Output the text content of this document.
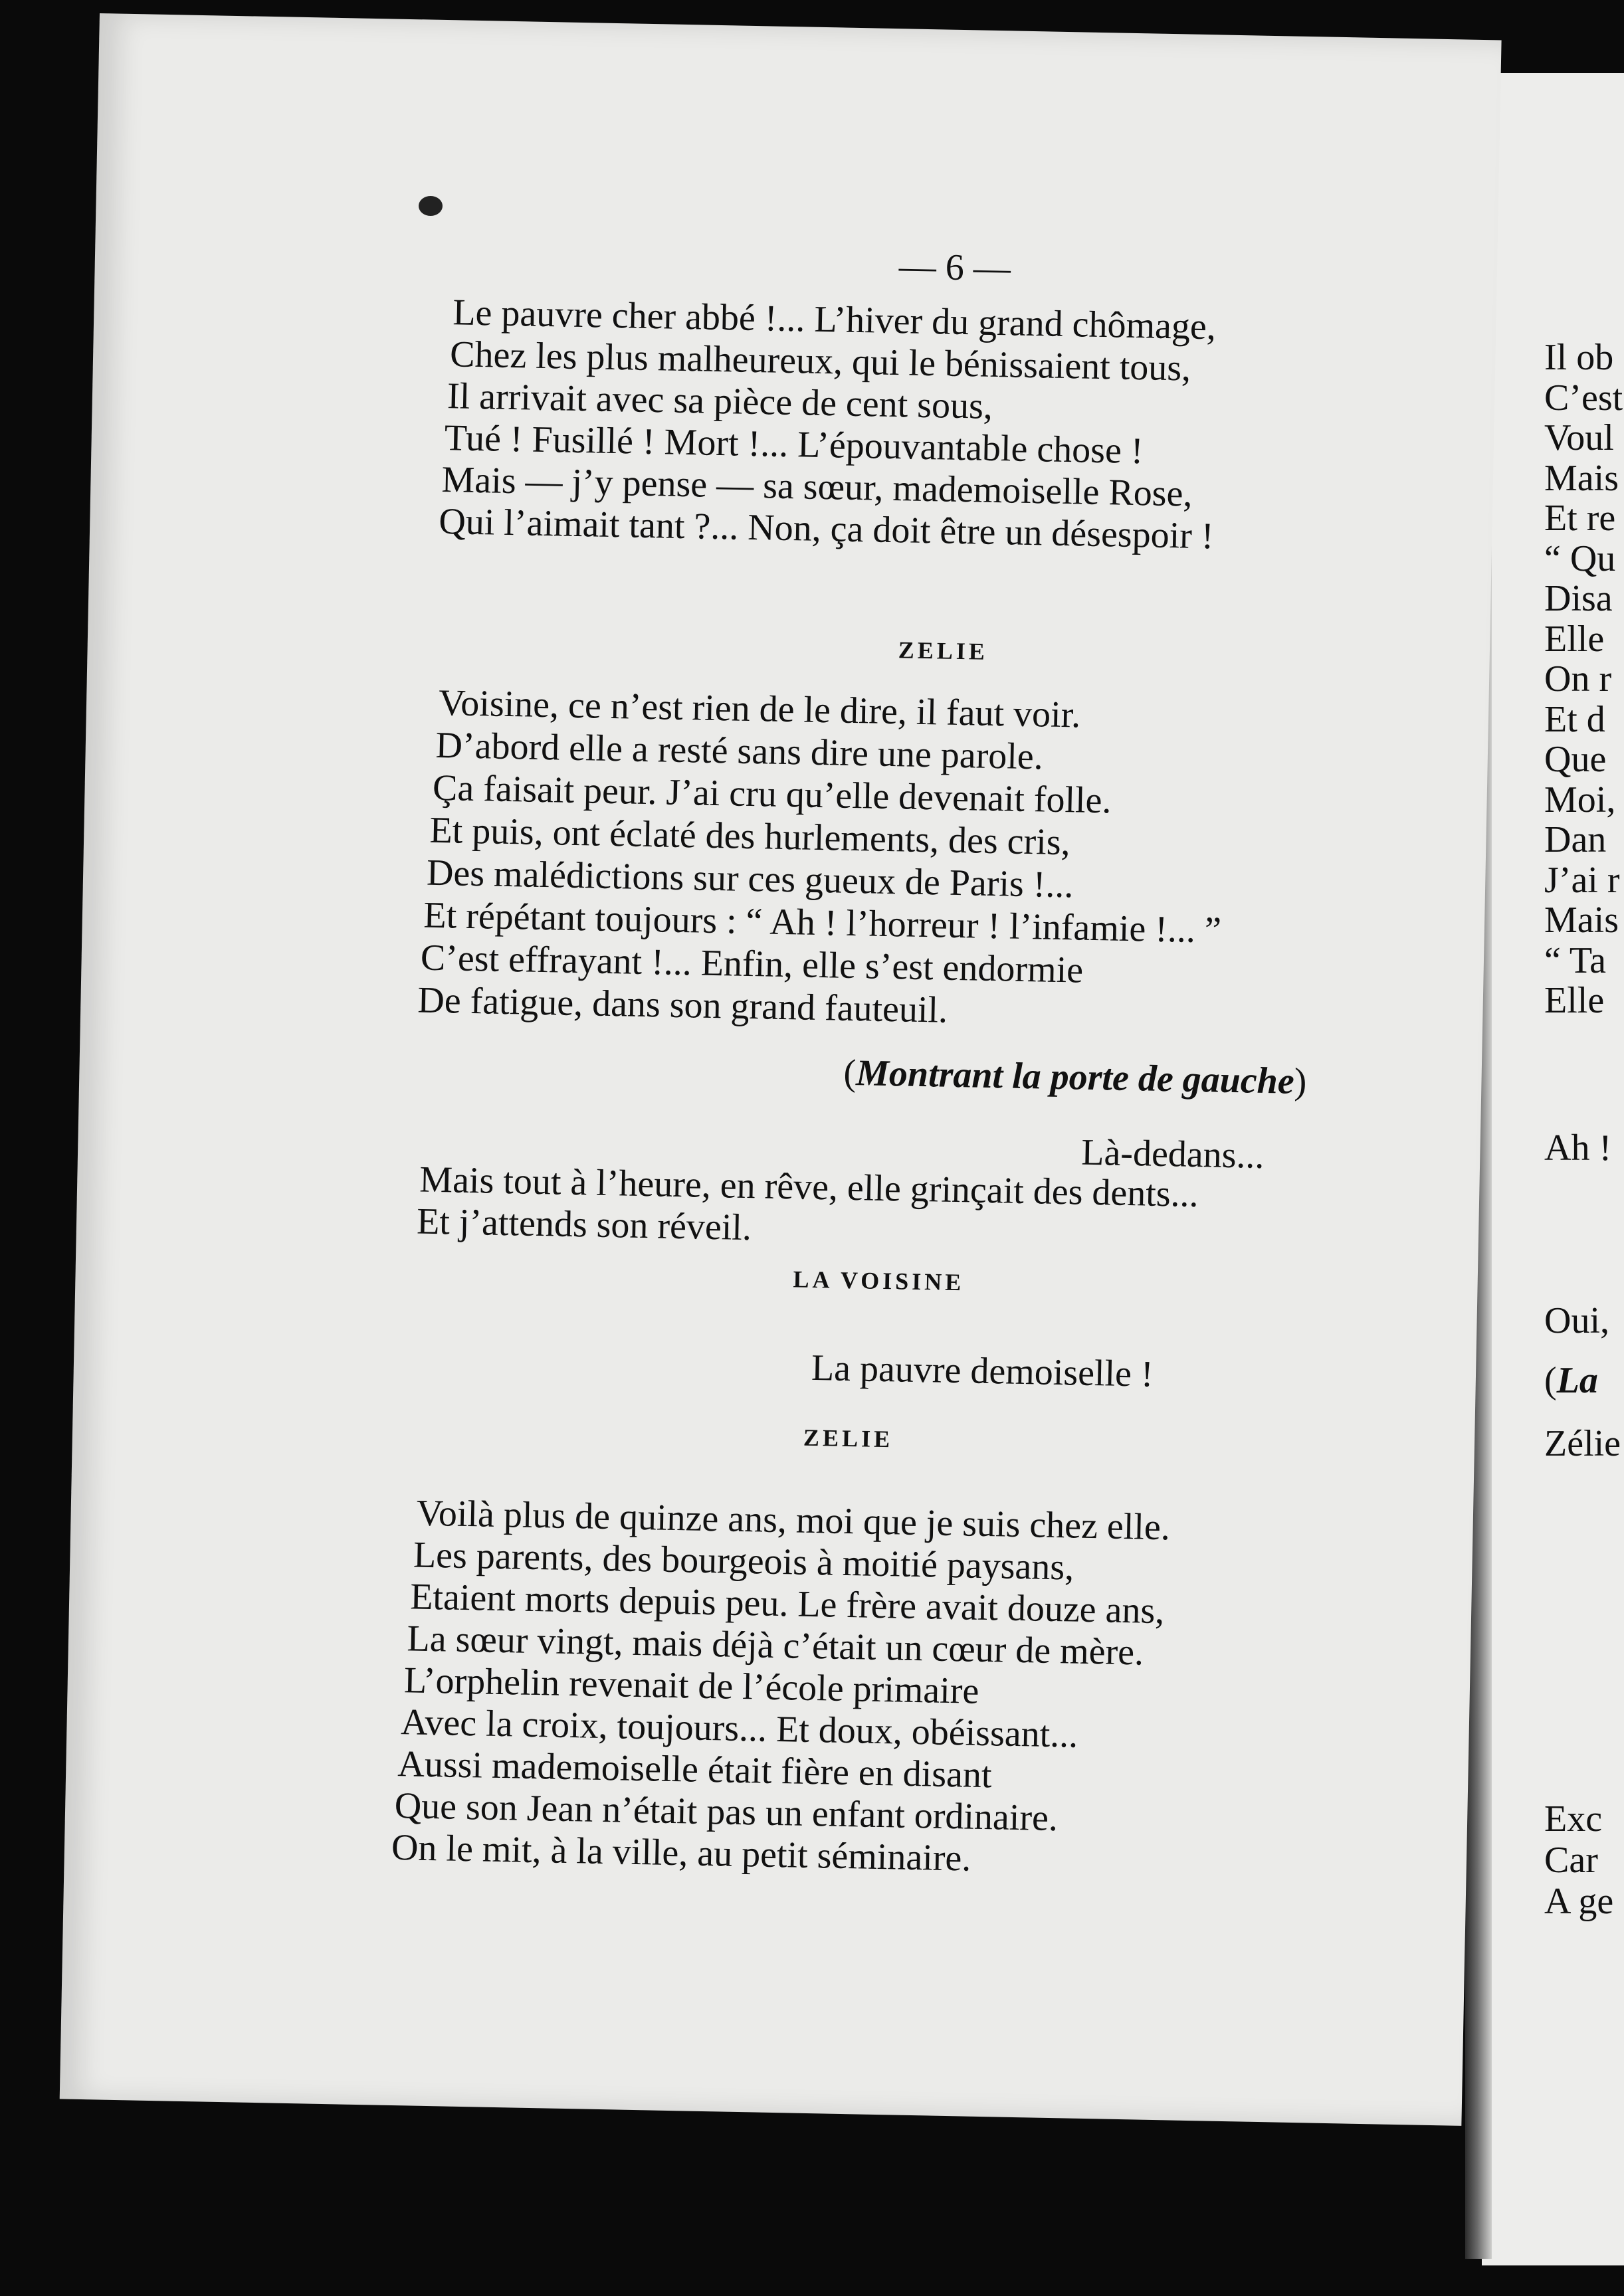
Il ob
C’est
Voul
Mais
Et re
“ Qu
Disa
Elle
On r
Et d
Que
Moi,
Dan
J’ai r
Mais
“ Ta
Elle
Ah !
Oui,
(La
Zélie
Exc
Car
A ge
— 6 —
Le pauvre cher abbé !... L’hiver du grand chômage,
Chez les plus malheureux, qui le bénissaient tous,
Il arrivait avec sa pièce de cent sous,
Tué ! Fusillé ! Mort !... L’épouvantable chose !
Mais — j’y pense — sa sœur, mademoiselle Rose,
Qui l’aimait tant ?... Non, ça doit être un désespoir !
ZELIE
Voisine, ce n’est rien de le dire, il faut voir.
D’abord elle a resté sans dire une parole.
Ça faisait peur. J’ai cru qu’elle devenait folle.
Et puis, ont éclaté des hurlements, des cris,
Des malédictions sur ces gueux de Paris !...
Et répétant toujours : “ Ah ! l’horreur ! l’infamie !... ”
C’est effrayant !... Enfin, elle s’est endormie
De fatigue, dans son grand fauteuil.
(Montrant la porte de gauche)
Là-dedans...
Mais tout à l’heure, en rêve, elle grinçait des dents...
Et j’attends son réveil.
LA VOISINE
La pauvre demoiselle !
ZELIE
Voilà plus de quinze ans, moi que je suis chez elle.
Les parents, des bourgeois à moitié paysans,
Etaient morts depuis peu. Le frère avait douze ans,
La sœur vingt, mais déjà c’était un cœur de mère.
L’orphelin revenait de l’école primaire
Avec la croix, toujours... Et doux, obéissant...
Aussi mademoiselle était fière en disant
Que son Jean n’était pas un enfant ordinaire.
On le mit, à la ville, au petit séminaire.
